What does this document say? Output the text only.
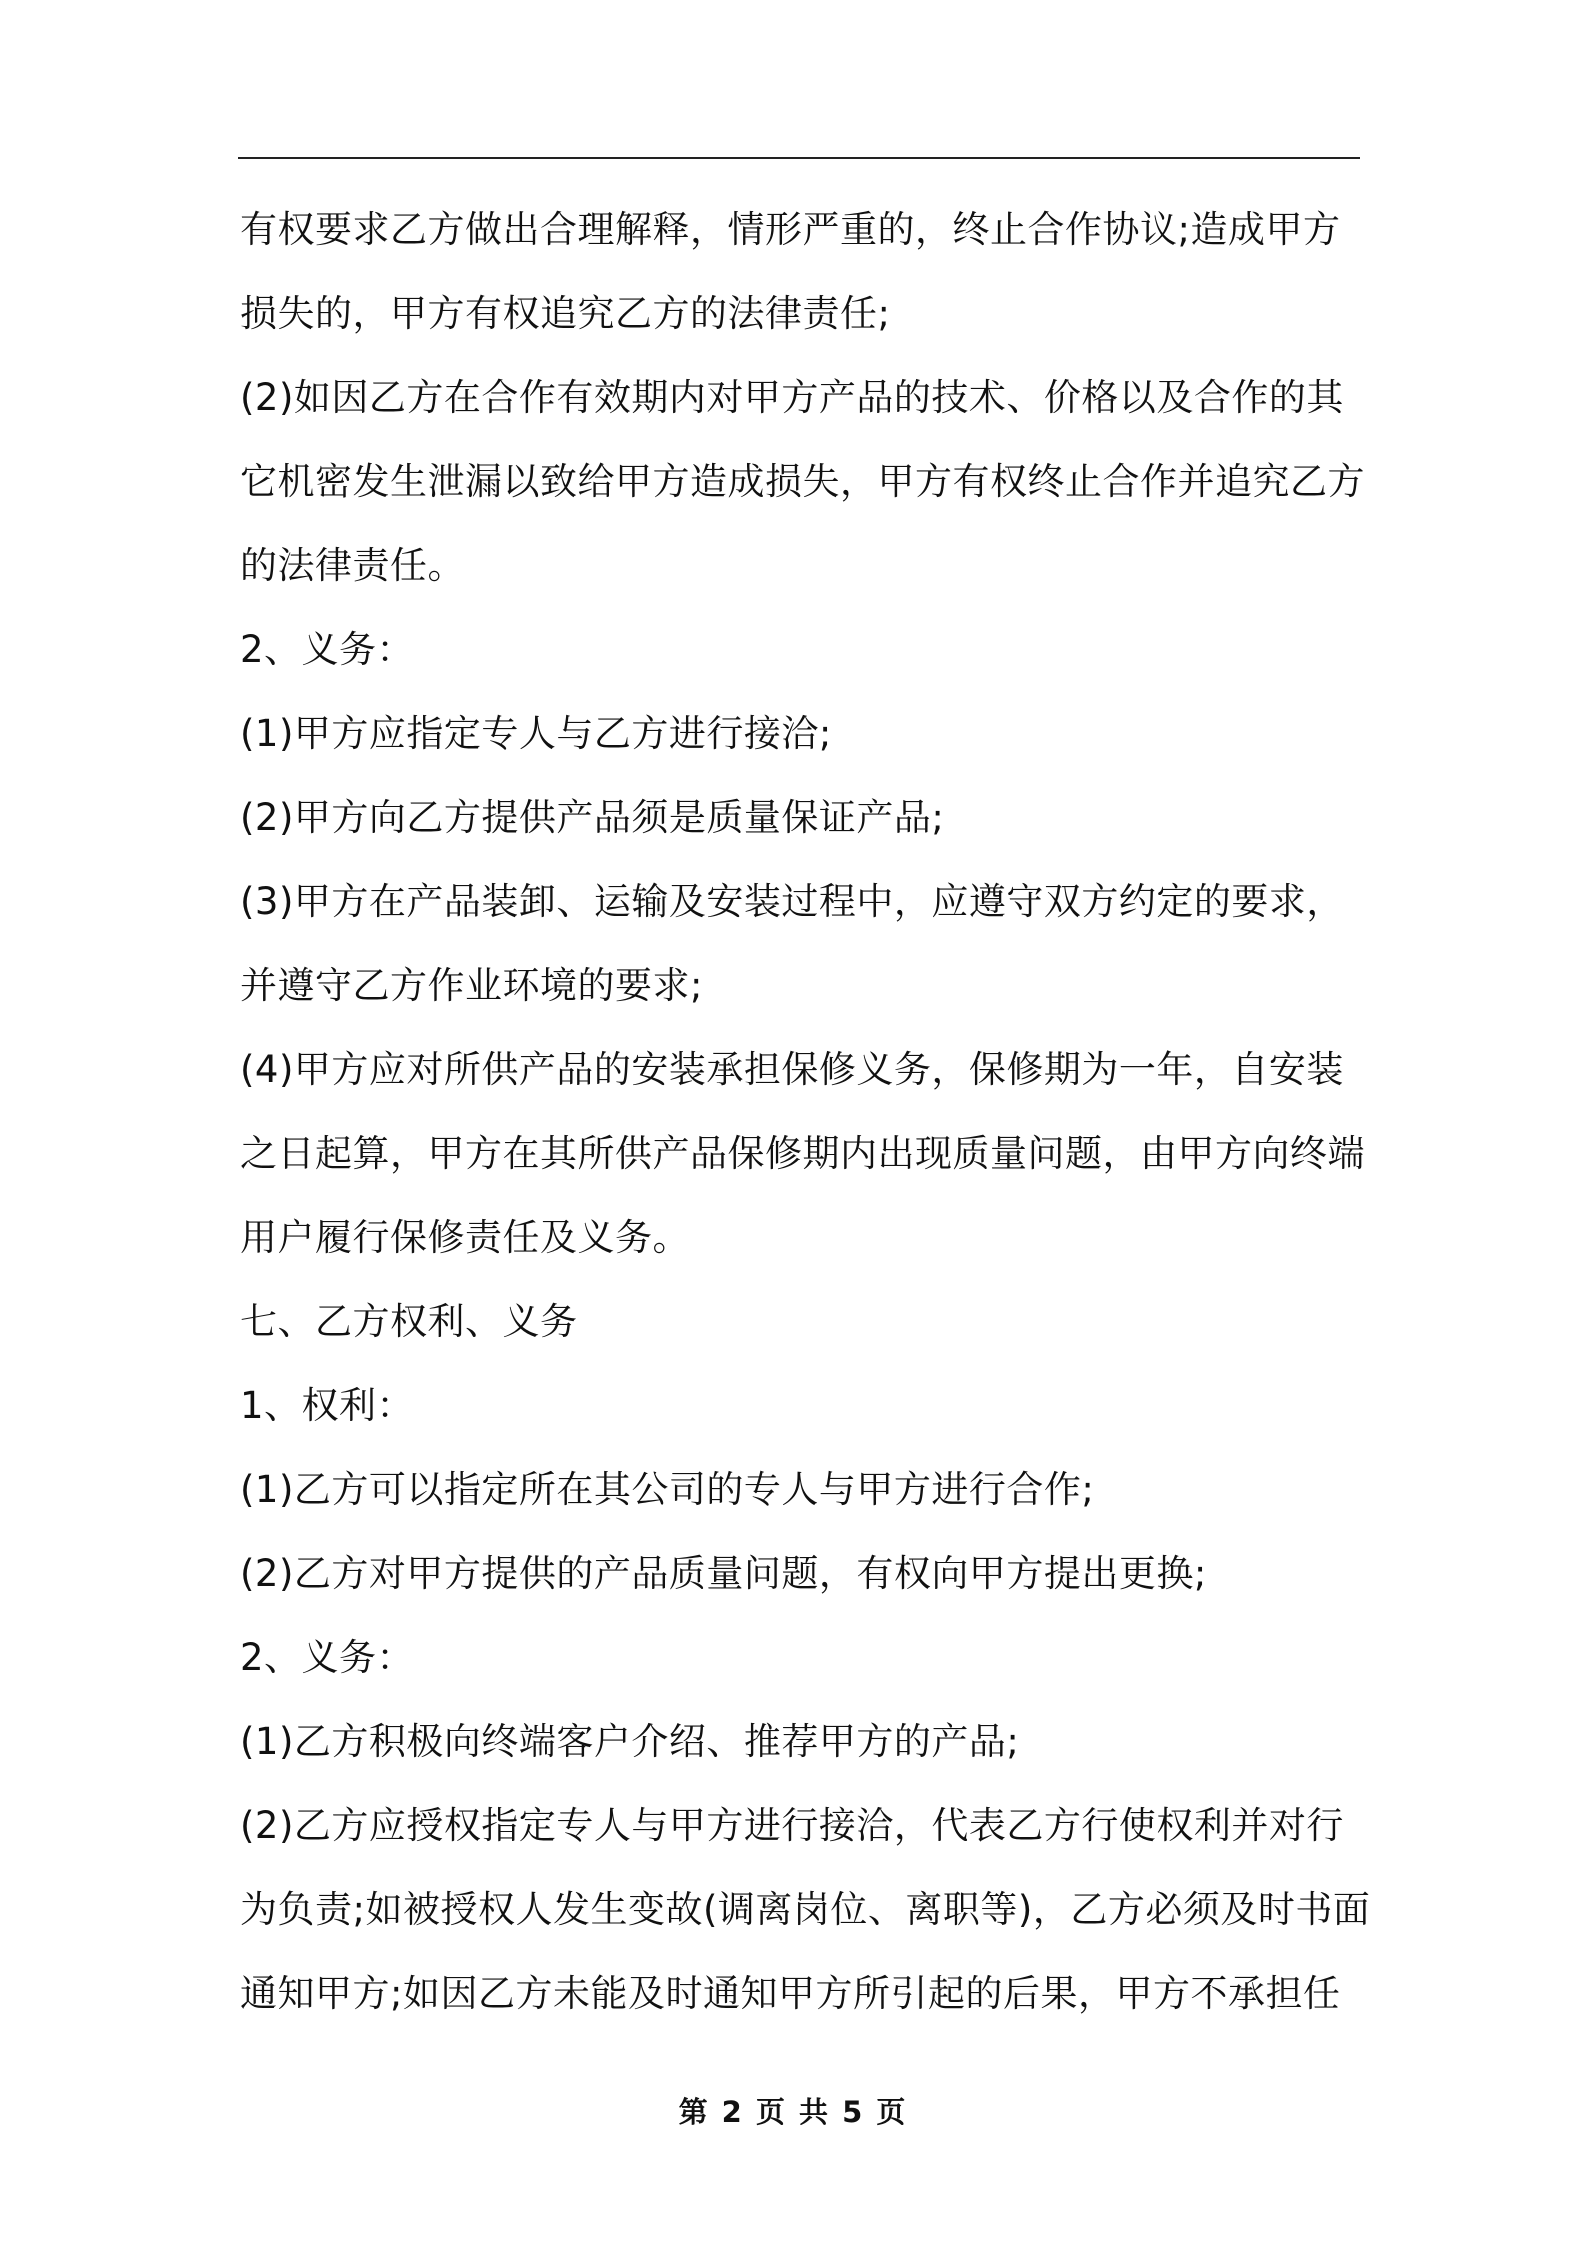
有权要求乙方做出合理解释，情形严重的，终止合作协议;造成甲方
损失的，甲方有权追究乙方的法律责任;
(2)如因乙方在合作有效期内对甲方产品的技术、价格以及合作的其
它机密发生泄漏以致给甲方造成损失，甲方有权终止合作并追究乙方
的法律责任。
2、义务：
(1)甲方应指定专人与乙方进行接洽;
(2)甲方向乙方提供产品须是质量保证产品;
(3)甲方在产品装卸、运输及安装过程中，应遵守双方约定的要求，
并遵守乙方作业环境的要求;
(4)甲方应对所供产品的安装承担保修义务，保修期为一年，自安装
之日起算，甲方在其所供产品保修期内出现质量问题，由甲方向终端
用户履行保修责任及义务。
七、乙方权利、义务
1、权利：
(1)乙方可以指定所在其公司的专人与甲方进行合作;
(2)乙方对甲方提供的产品质量问题，有权向甲方提出更换;
2、义务：
(1)乙方积极向终端客户介绍、推荐甲方的产品;
(2)乙方应授权指定专人与甲方进行接洽，代表乙方行使权利并对行
为负责;如被授权人发生变故(调离岗位、离职等)，乙方必须及时书面
通知甲方;如因乙方未能及时通知甲方所引起的后果，甲方不承担任
第 2 页 共 5 页
